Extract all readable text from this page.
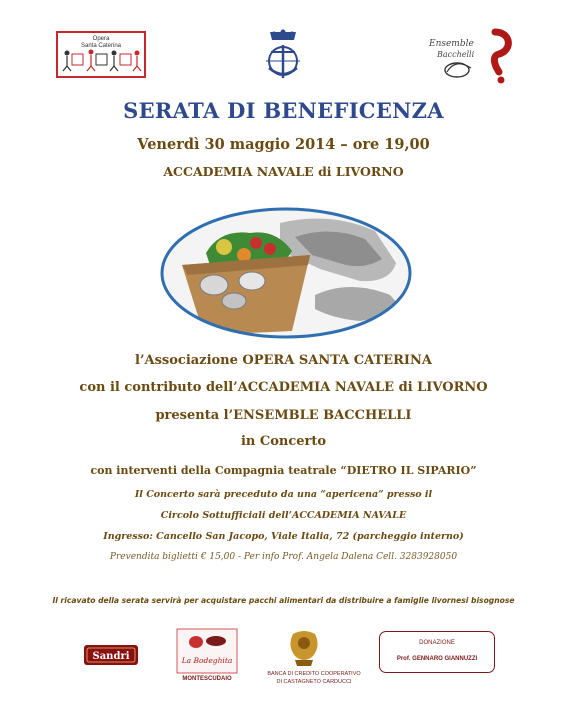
Opera
Santa Caterina	Ensemble
Bacchelli
SERATA DI BENEFICENZA
Venerdì 30 maggio 2014 – ore 19,00
ACCADEMIA NAVALE di LIVORNO
l’Associazione OPERA SANTA CATERINA
con il contributo dell’ACCADEMIA NAVALE di LIVORNO
presenta l’ENSEMBLE BACCHELLI
in Concerto
con interventi della Compagnia teatrale “DIETRO IL SIPARIO”
Il Concerto sarà preceduto da una “apericena” presso il
Circolo Sottufficiali dell’ACCADEMIA NAVALE
Ingresso: Cancello San Jacopo, Viale Italia, 72 (parcheggio interno)
Prevendita biglietti € 15,00 - Per info Prof. Angela Dalena Cell. 3283928050
Il ricavato della serata servirà per acquistare pacchi alimentari da distribuire a famiglie livornesi bisognose
Sandri	La Bodeghita
MONTESCUDAIO
BANCA DI CREDITO COOPERATIVO
DI CASTAGNETO CARDUCCI
DONAZIONE
Prof. GENNARO GIANNUZZI
